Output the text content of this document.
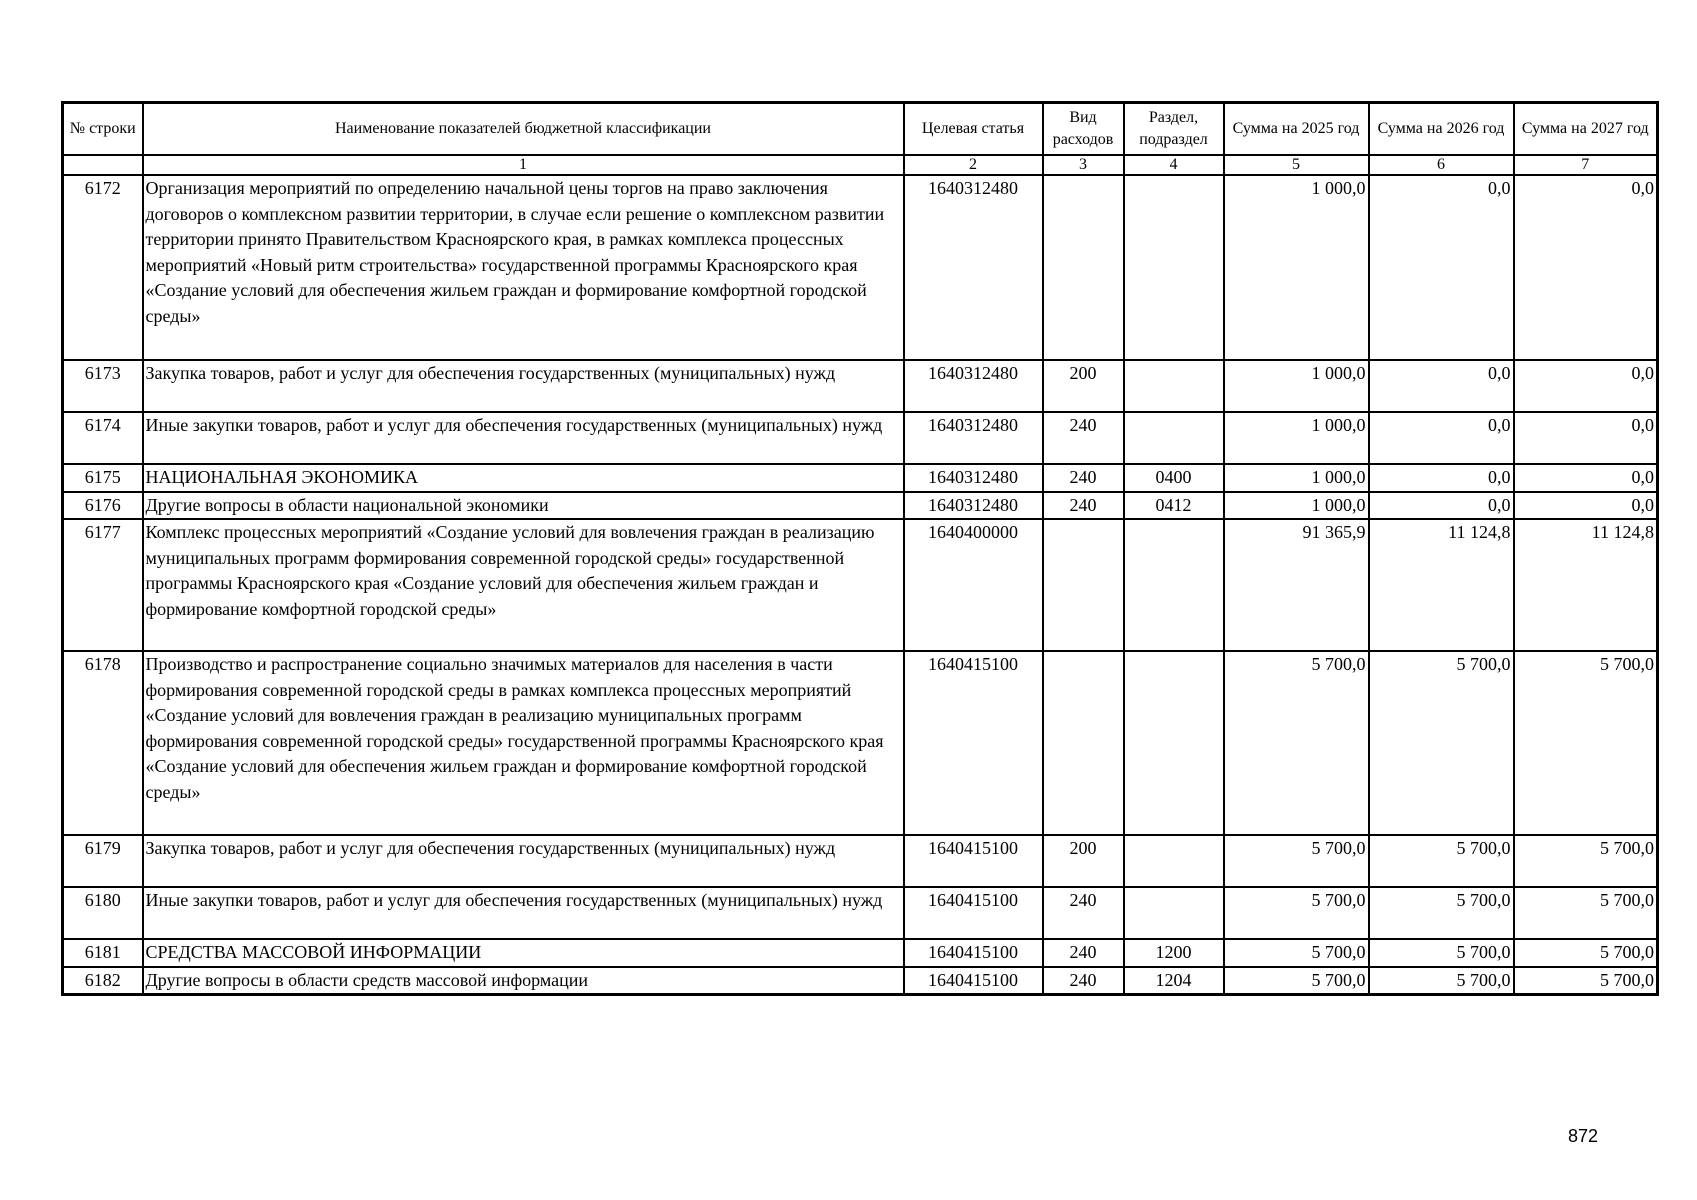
№ строки	Наименование показателей бюджетной классификации	Целевая статья	Вид расходов	Раздел, подраздел	Сумма на 2025 год	Сумма на 2026 год	Сумма на 2027 год
	1	2	3	4	5	6	7
6172	Организация мероприятий по определению начальной цены торгов на право заключения договоров о комплексном развитии территории, в случае если решение о комплексном развитии территории принято Правительством Красноярского края, в рамках комплекса процессных мероприятий «Новый ритм строительства» государственной программы Красноярского края «Создание условий для обеспечения жильем граждан и формирование комфортной городской среды»	1640312480			1 000,0	0,0	0,0
6173	Закупка товаров, работ и услуг для обеспечения государственных (муниципальных) нужд	1640312480	200		1 000,0	0,0	0,0
6174	Иные закупки товаров, работ и услуг для обеспечения государственных (муниципальных) нужд	1640312480	240		1 000,0	0,0	0,0
6175	НАЦИОНАЛЬНАЯ ЭКОНОМИКА	1640312480	240	0400	1 000,0	0,0	0,0
6176	Другие вопросы в области национальной экономики	1640312480	240	0412	1 000,0	0,0	0,0
6177	Комплекс процессных мероприятий «Создание условий для вовлечения граждан в реализацию муниципальных программ формирования современной городской среды» государственной программы Красноярского края «Создание условий для обеспечения жильем граждан и формирование комфортной городской среды»	1640400000			91 365,9	11 124,8	11 124,8
6178	Производство и распространение социально значимых материалов для населения в части формирования современной городской среды в рамках комплекса процессных мероприятий «Создание условий для вовлечения граждан в реализацию муниципальных программ формирования современной городской среды» государственной программы Красноярского края «Создание условий для обеспечения жильем граждан и формирование комфортной городской среды»	1640415100			5 700,0	5 700,0	5 700,0
6179	Закупка товаров, работ и услуг для обеспечения государственных (муниципальных) нужд	1640415100	200		5 700,0	5 700,0	5 700,0
6180	Иные закупки товаров, работ и услуг для обеспечения государственных (муниципальных) нужд	1640415100	240		5 700,0	5 700,0	5 700,0
6181	СРЕДСТВА МАССОВОЙ ИНФОРМАЦИИ	1640415100	240	1200	5 700,0	5 700,0	5 700,0
6182	Другие вопросы в области средств массовой информации	1640415100	240	1204	5 700,0	5 700,0	5 700,0
872
